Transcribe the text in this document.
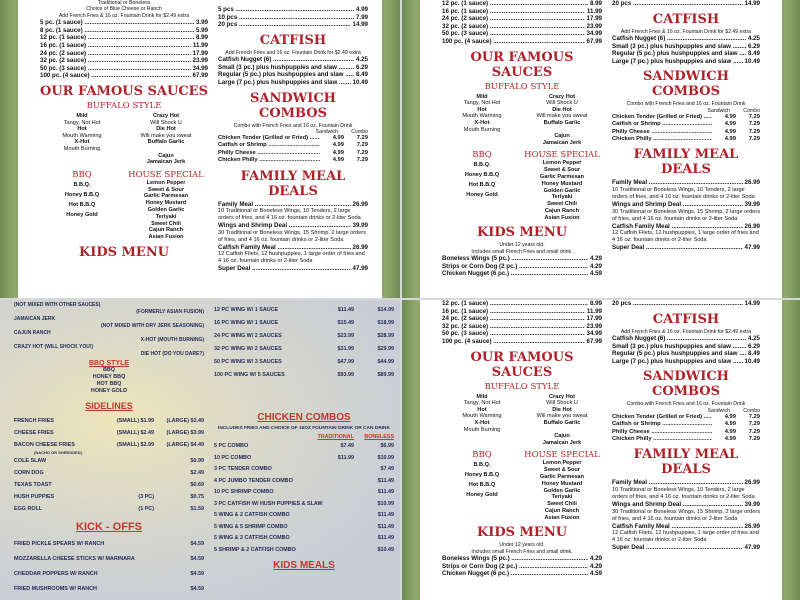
Traditional or Boneless
Choice of Blue Cheese or Ranch
Add French Fries & 16 oz. Fountain Drink for $2.49 extra
5 pc. (1 sauce) .....	3.99
8 pc. (1 sauce) .....	5.99
12 pc. (1 sauce) .....	8.99
16 pc. (1 sauce) .....	11.99
24 pc. (2 sauce) .....	17.99
32 pc. (2 sauce) .....	23.99
50 pc. (3 sauce) .....	34.99
100 pc. (4 sauce) .....	67.99
OUR FAMOUS SAUCES
BUFFALO STYLE
Mild
Tangy, Not Hot
Crazy Hot
Will Shock U
Hot
Mouth Warming
Die Hot
Will make you sweat
X-Hot
Mouth Burning
Buffalo Garlic
Cajun
Jamaican Jerk
BBQ
B.B.Q.
Honey B.B.Q
Hot B.B.Q
Honey Gold
HOUSE SPECIAL
Lemon Pepper
Sweet & Sour
Garlic Parmesan
Honey Mustard
Golden Garlic
Teriyaki
Sweet Chili
Cajun Ranch
Asian Fusion
KIDS MENU
5 pcs .....	4.99
10 pcs .....	7.99
20 pcs .....	14.99
CATFISH
Add French Fries and 16 oz. Fountain Drink for $2.49 extra
Catfish Nugget (6) .....	4.25
Small (3 pc.) plus hushpuppies and slaw .....	6.29
Regular (5 pc.) plus hushpuppies and slaw .....	8.49
Large (7 pc.) plus hushpuppies and slaw .....	10.49
SANDWICH COMBOS
Combo with French Fries and 16 oz. Fountain Drink
Sandwich	Combo
Chicken Tender (Grilled or Fried) .....	4.99	7.29
Catfish or Shrimp .....	4.99	7.29
Philly Cheese .....	4.99	7.29
Chicken Philly .....	4.99	7.29
FAMILY MEAL DEALS
Family Meal .....	26.99
10 Traditional or Boneless Wings, 10 Tenders, 2 large orders of fries, and 4 16 oz. fountain drinks or 2-liter Soda
Wings and Shrimp Deal .....	39.99
30 Traditional or Boneless Wings, 15 Shrimp, 2 large orders of fries, and 4 16 oz. fountain drinks or 2-liter Soda
Catfish Family Meal .....	26.99
12 Catfish Filets, 12 hushpuppies, 1 large order of fries and 4 16 oz. fountain drinks or 2-liter Soda
Super Deal .....	47.99
12 pc. (1 sauce) .....	8.99
16 pc. (1 sauce) .....	11.99
24 pc. (2 sauce) .....	17.99
32 pc. (2 sauce) .....	23.99
50 pc. (3 sauce) .....	34.99
100 pc. (4 sauce) .....	67.99
OUR FAMOUS SAUCES
BUFFALO STYLE
Mild
Tangy, Not Hot
Crazy Hot
Will Shock U
Hot
Mouth Warming
Die Hot
Will make you sweat
X-Hot
Mouth Burning
Buffalo Garlic
Cajun
Jamaican Jerk
BBQ
B.B.Q.
Honey B.B.Q
Hot B.B.Q
Honey Gold
HOUSE SPECIAL
Lemon Pepper
Sweet & Sour
Garlic Parmesan
Honey Mustard
Golden Garlic
Teriyaki
Sweet Chili
Cajun Ranch
Asian Fusion
KIDS MENU
Under 12 years old.
Includes small French Fries and small drink.
Boneless Wings (5 pc.) .....	4.29
Strips or Corn Dog (2 pc.) .....	4.29
Chicken Nugget (6 pc.) .....	4.59
20 pcs .....	14.99
CATFISH
Add French Fries & 16 oz. Fountain Drink for $2.49 extra
Catfish Nugget (6) .....	4.25
Small (3 pc.) plus hushpuppies and slaw .....	6.29
Regular (5 pc.) plus hushpuppies and slaw .....	8.49
Large (7 pc.) plus hushpuppies and slaw .....	10.49
SANDWICH COMBOS
Combo with French Fries and 16 oz. Fountain Drink
Sandwich	Combo
Chicken Tender (Grilled or Fried) .....	4.99	7.29
Catfish or Shrimp .....	4.99	7.29
Philly Cheese .....	4.99	7.29
Chicken Philly .....	4.99	7.29
FAMILY MEAL DEALS
Family Meal .....	26.99
10 Traditional or Boneless Wings, 10 Tenders, 2 large orders of fries, and 4 16 oz. fountain drinks or 2-liter Soda
Wings and Shrimp Deal .....	39.99
30 Traditional or Boneless Wings, 15 Shrimp, 2 large orders of fries, and 4 16 oz. fountain drinks or 2-liter Soda
Catfish Family Meal .....	26.99
12 Catfish Filets, 12 hushpuppies, 1 large order of fries and 4 16 oz. fountain drinks or 2-liter Soda
Super Deal .....	47.99
(NOT MIXED WITH OTHER SAUCES)
(FORMERLY ASIAN FUSION)
JAMAICAN JERK
(NOT MIXED WITH DRY JERK SEASONING)
CAJUN RANCH
X-HOT (MOUTH BURNING)
CRAZY HOT (WILL SHOCK YOU!)
DIE HOT (DO YOU DARE?)
BBQ STYLE
BBQ
HONEY BBQ
HOT BBQ
HONEY GOLD
SIDELINES
FRENCH FRIES	(SMALL) $1.99	(LARGE) $3.49
CHEESE FRIES	(SMALL) $2.49	(LARGE) $3.99
BACON CHEESE FRIES	(SMALL) $2.99	(LARGE) $4.49
(NACHO OR SHREDDED)
COLE SLAW	$0.99
CORN DOG	$2.49
TEXAS TOAST	$0.69
HUSH PUPPIES	(3 PC)	$0.75
EGG ROLL	(1 PC)	$1.59
KICK - OFFS
FRIED PICKLE SPEARS W/ RANCH	$4.59
MOZZARELLA CHEESE STICKS W/ MARINARA	$4.59
CHEDDAR POPPERS W/ RANCH	$4.59
FRIED MUSHROOMS W/ RANCH	$4.59
12 PC WING W/ 1 SAUCE	$11.49	$14.99
16 PC WING W/ 1 SAUCE	$15.49	$18.99
24 PC WING W/ 2 SAUCES	$23.99	$28.99
32 PC WING W/ 2 SAUCES	$31.99	$29.99
50 PC WING W/ 3 SAUCES	$47.99	$44.99
100 PC WING W/ 5 SAUCES	$93.99	$89.99
CHICKEN COMBOS
INCLUDES FRIES AND CHOICE OF 16OZ FOUNTAIN DRINK OR CAN DRINK
TRADITIONAL	BONELESS
5 PC COMBO	$7.49	$6.99
10 PC COMBO	$11.99	$10.99
3 PC TENDER COMBO	$7.49
4 PC JUMBO TENDER COMBO	$11.49
10 PC SHRIMP COMBO	$11.49
3 PC CATFISH W/ HUSH PUPPIES & SLAW	$10.99
5 WING & 2 CATFISH COMBO	$11.49
5 WING & 5 SHRIMP COMBO	$11.49
5 WING & 2 CATFISH COMBO	$11.49
5 SHRIMP & 2 CATFISH COMBO	$10.49
KIDS MEALS
12 pc. (1 sauce) .....	8.99
16 pc. (1 sauce) .....	11.99
24 pc. (2 sauce) .....	17.99
32 pc. (2 sauce) .....	23.99
50 pc. (3 sauce) .....	34.99
100 pc. (4 sauce) .....	67.99
OUR FAMOUS SAUCES
BUFFALO STYLE
Mild
Tangy, Not Hot
Crazy Hot
Will Shock U
Hot
Mouth Warming
Die Hot
Will make you sweat
X-Hot
Mouth Burning
Buffalo Garlic
Cajun
Jamaican Jerk
BBQ
B.B.Q.
Honey B.B.Q
Hot B.B.Q
Honey Gold
HOUSE SPECIAL
Lemon Pepper
Sweet & Sour
Garlic Parmesan
Honey Mustard
Golden Garlic
Teriyaki
Sweet Chili
Cajun Ranch
Asian Fusion
KIDS MENU
Under 12 years old.
Includes small French Fries and small drink.
Boneless Wings (5 pc.) .....	4.29
Strips or Corn Dog (2 pc.) .....	4.29
Chicken Nugget (6 pc.) .....	4.59
20 pcs .....	14.99
CATFISH
Add French Fries & 16 oz. Fountain Drink for $2.49 extra
Catfish Nugget (6) .....	4.25
Small (3 pc.) plus hushpuppies and slaw .....	6.29
Regular (5 pc.) plus hushpuppies and slaw .....	8.49
Large (7 pc.) plus hushpuppies and slaw .....	10.49
SANDWICH COMBOS
Combo with French Fries and 16 oz. Fountain Drink
Sandwich	Combo
Chicken Tender (Grilled or Fried) .....	4.99	7.29
Catfish or Shrimp .....	4.99	7.29
Philly Cheese .....	4.99	7.29
Chicken Philly .....	4.99	7.29
FAMILY MEAL DEALS
Family Meal .....	26.99
10 Traditional or Boneless Wings, 10 Tenders, 2 large orders of fries, and 4 16 oz. fountain drinks or 2-liter Soda
Wings and Shrimp Deal .....	39.99
30 Traditional or Boneless Wings, 15 Shrimp, 2 large orders of fries, and 4 16 oz. fountain drinks or 2-liter Soda
Catfish Family Meal .....	26.99
12 Catfish Filets, 12 hushpuppies, 1 large order of fries and 4 16 oz. fountain drinks or 2-liter Soda
Super Deal .....	47.99
